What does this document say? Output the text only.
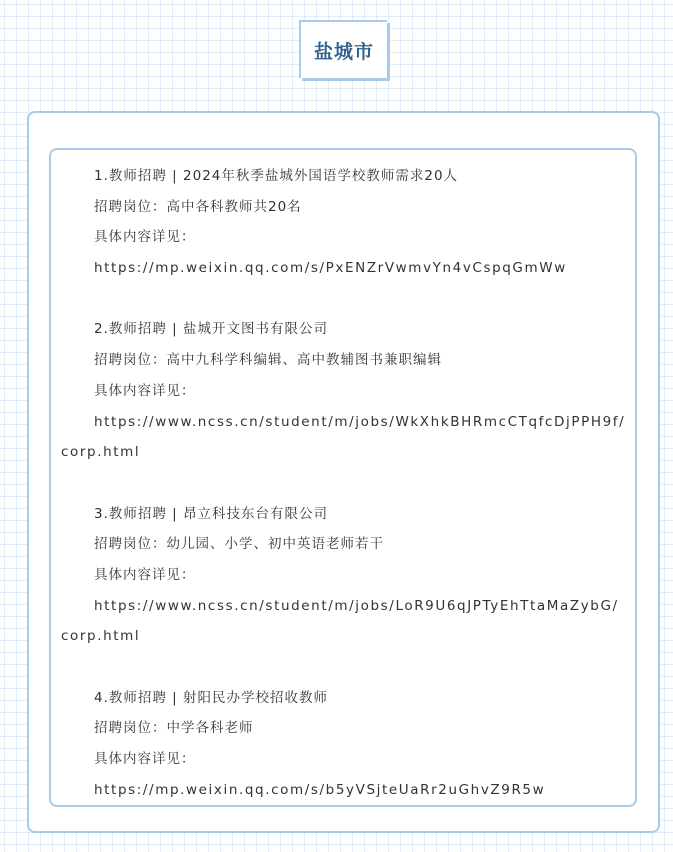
盐城市
1.教师招聘 | 2024年秋季盐城外国语学校教师需求20人
招聘岗位：高中各科教师共20名
具体内容详见：
https://mp.weixin.qq.com/s/PxENZrVwmvYn4vCspqGmWw
2.教师招聘 | 盐城开文图书有限公司
招聘岗位：高中九科学科编辑、高中教辅图书兼职编辑
具体内容详见：
https://www.ncss.cn/student/m/jobs/WkXhkBHRmcCTqfcDjPPH9f/corp.html
3.教师招聘 | 昂立科技东台有限公司
招聘岗位：幼儿园、小学、初中英语老师若干
具体内容详见：
https://www.ncss.cn/student/m/jobs/LoR9U6qJPTyEhTtaMaZybG/corp.html
4.教师招聘 | 射阳民办学校招收教师
招聘岗位：中学各科老师
具体内容详见：
https://mp.weixin.qq.com/s/b5yVSjteUaRr2uGhvZ9R5w
